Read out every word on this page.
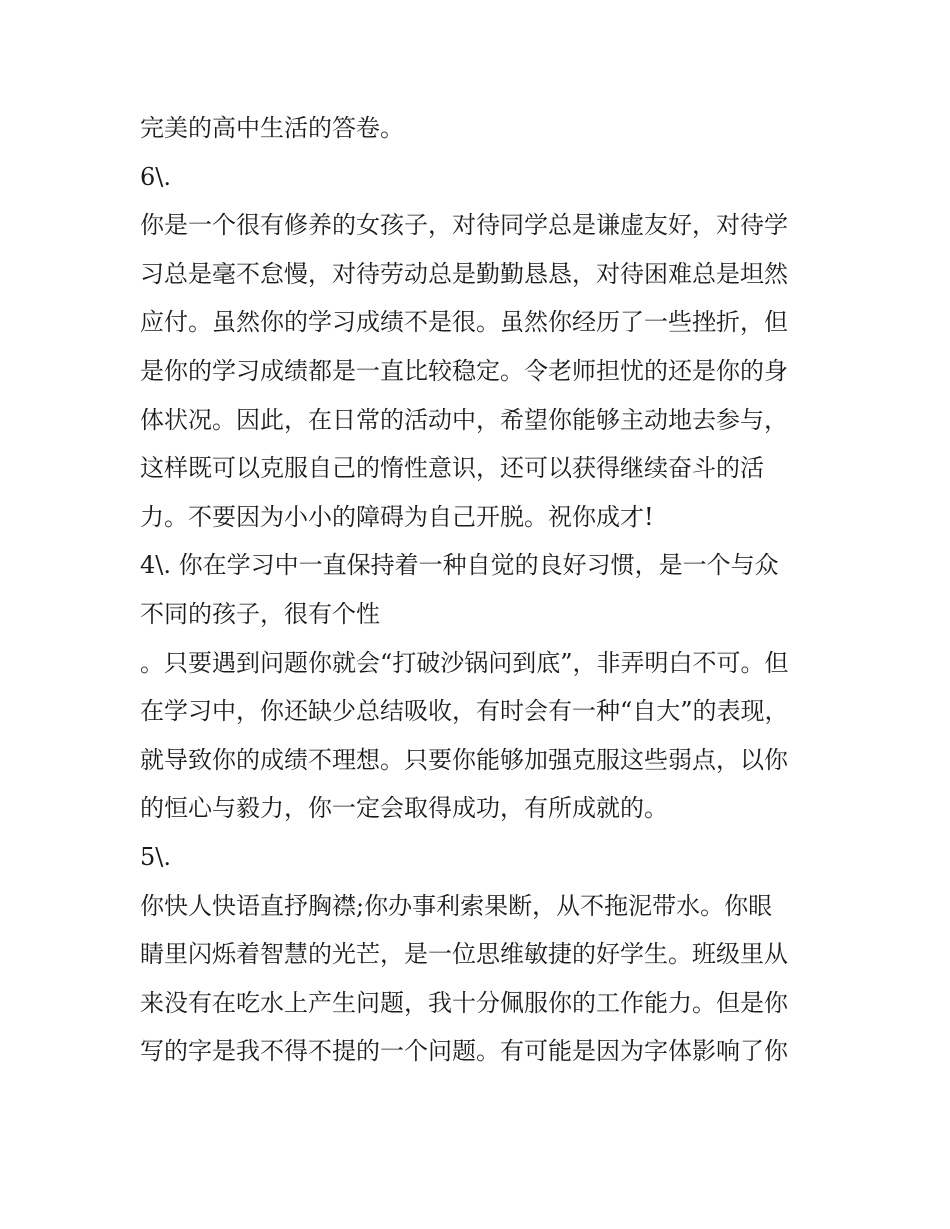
完美的高中生活的答卷。
6\.
你是一个很有修养的女孩子，对待同学总是谦虚友好，对待学
习总是毫不怠慢，对待劳动总是勤勤恳恳，对待困难总是坦然
应付。虽然你的学习成绩不是很。虽然你经历了一些挫折，但
是你的学习成绩都是一直比较稳定。令老师担忧的还是你的身
体状况。因此，在日常的活动中，希望你能够主动地去参与，
这样既可以克服自己的惰性意识，还可以获得继续奋斗的活
力。不要因为小小的障碍为自己开脱。祝你成才!
4\. 你在学习中一直保持着一种自觉的良好习惯，是一个与众
不同的孩子，很有个性
。只要遇到问题你就会“打破沙锅问到底”，非弄明白不可。但
在学习中，你还缺少总结吸收，有时会有一种“自大”的表现，
就导致你的成绩不理想。只要你能够加强克服这些弱点，以你
的恒心与毅力，你一定会取得成功，有所成就的。
5\.
你快人快语直抒胸襟;你办事利索果断，从不拖泥带水。你眼
睛里闪烁着智慧的光芒，是一位思维敏捷的好学生。班级里从
来没有在吃水上产生问题，我十分佩服你的工作能力。但是你
写的字是我不得不提的一个问题。有可能是因为字体影响了你
